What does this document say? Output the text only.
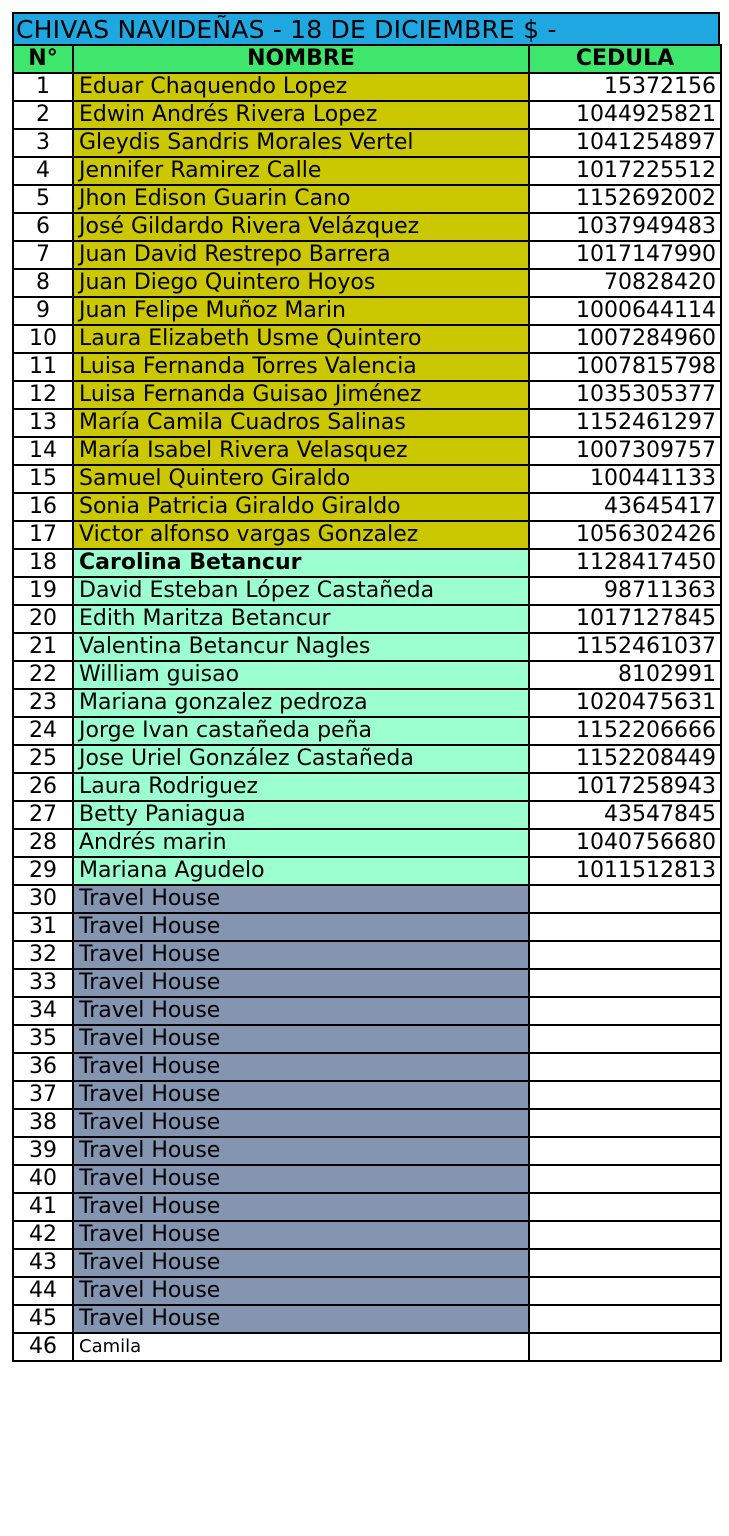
CHIVAS NAVIDEÑAS - 18 DE DICIEMBRE $ -
N°	NOMBRE	CEDULA
1	Eduar Chaquendo Lopez	15372156
2	Edwin Andrés Rivera Lopez	1044925821
3	Gleydis Sandris Morales Vertel	1041254897
4	Jennifer Ramirez Calle	1017225512
5	Jhon Edison Guarin Cano	1152692002
6	José Gildardo Rivera Velázquez	1037949483
7	Juan David Restrepo Barrera	1017147990
8	Juan Diego Quintero Hoyos	70828420
9	Juan Felipe Muñoz Marin	1000644114
10	Laura Elizabeth Usme Quintero	1007284960
11	Luisa Fernanda Torres Valencia	1007815798
12	Luisa Fernanda Guisao Jiménez	1035305377
13	María Camila Cuadros Salinas	1152461297
14	María Isabel Rivera Velasquez	1007309757
15	Samuel Quintero Giraldo	100441133
16	Sonia Patricia Giraldo Giraldo	43645417
17	Victor alfonso vargas Gonzalez	1056302426
18	Carolina Betancur	1128417450
19	David Esteban López Castañeda	98711363
20	Edith Maritza Betancur	1017127845
21	Valentina Betancur Nagles	1152461037
22	William guisao	8102991
23	Mariana gonzalez pedroza	1020475631
24	Jorge Ivan castañeda peña	1152206666
25	Jose Uriel González Castañeda	1152208449
26	Laura Rodriguez	1017258943
27	Betty Paniagua	43547845
28	Andrés marin	1040756680
29	Mariana Agudelo	1011512813
30	Travel House	
31	Travel House	
32	Travel House	
33	Travel House	
34	Travel House	
35	Travel House	
36	Travel House	
37	Travel House	
38	Travel House	
39	Travel House	
40	Travel House	
41	Travel House	
42	Travel House	
43	Travel House	
44	Travel House	
45	Travel House	
46	Camila	
